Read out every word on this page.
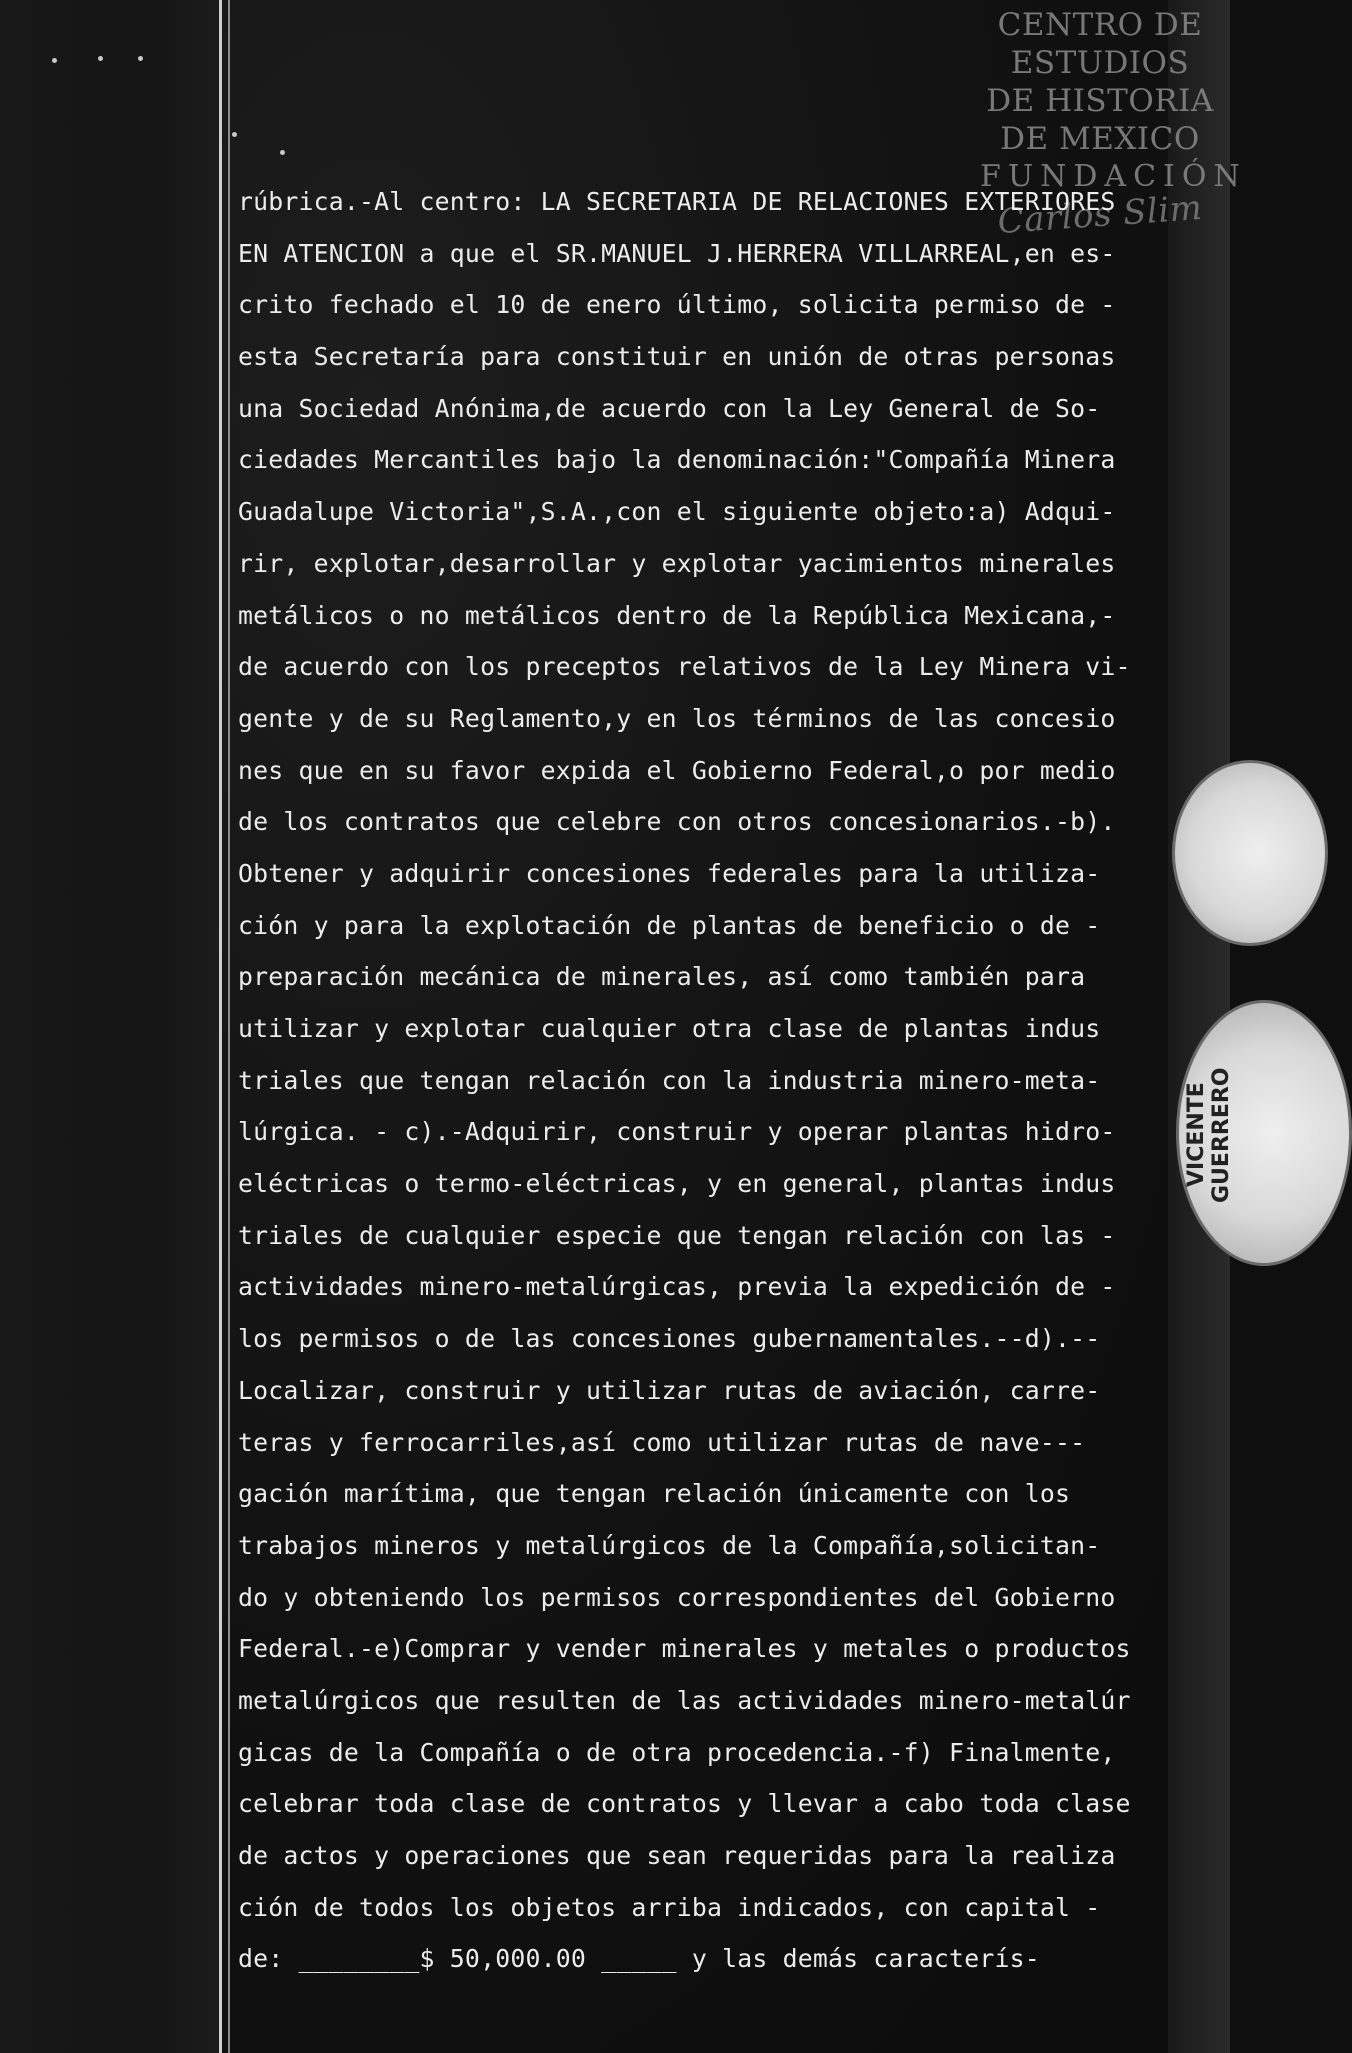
CENTRO DE
ESTUDIOS
DE HISTORIA
DE MEXICO
FUNDACIÓN
Carlos Slim
VICENTE GUERRERO
rúbrica.-Al centro: LA SECRETARIA DE RELACIONES EXTERIORES
EN ATENCION a que el SR.MANUEL J.HERRERA VILLARREAL,en es-
crito fechado el 10 de enero último, solicita permiso de -
esta Secretaría para constituir en unión de otras personas
una Sociedad Anónima,de acuerdo con la Ley General de So-
ciedades Mercantiles bajo la denominación:"Compañía Minera
Guadalupe Victoria",S.A.,con el siguiente objeto:a) Adqui-
rir, explotar,desarrollar y explotar yacimientos minerales
metálicos o no metálicos dentro de la República Mexicana,-
de acuerdo con los preceptos relativos de la Ley Minera vi-
gente y de su Reglamento,y en los términos de las concesio
nes que en su favor expida el Gobierno Federal,o por medio
de los contratos que celebre con otros concesionarios.-b).
Obtener y adquirir concesiones federales para la utiliza-
ción y para la explotación de plantas de beneficio o de -
preparación mecánica de minerales, así como también para
utilizar y explotar cualquier otra clase de plantas indus
triales que tengan relación con la industria minero-meta-
lúrgica. - c).-Adquirir, construir y operar plantas hidro-
eléctricas o termo-eléctricas, y en general, plantas indus
triales de cualquier especie que tengan relación con las -
actividades minero-metalúrgicas, previa la expedición de -
los permisos o de las concesiones gubernamentales.--d).--
Localizar, construir y utilizar rutas de aviación, carre-
teras y ferrocarriles,así como utilizar rutas de nave---
gación marítima, que tengan relación únicamente con los
trabajos mineros y metalúrgicos de la Compañía,solicitan-
do y obteniendo los permisos correspondientes del Gobierno
Federal.-e)Comprar y vender minerales y metales o productos
metalúrgicos que resulten de las actividades minero-metalúr
gicas de la Compañía o de otra procedencia.-f) Finalmente,
celebrar toda clase de contratos y llevar a cabo toda clase
de actos y operaciones que sean requeridas para la realiza
ción de todos los objetos arriba indicados, con capital -
de: ________$ 50,000.00 _____ y las demás caracterís-
